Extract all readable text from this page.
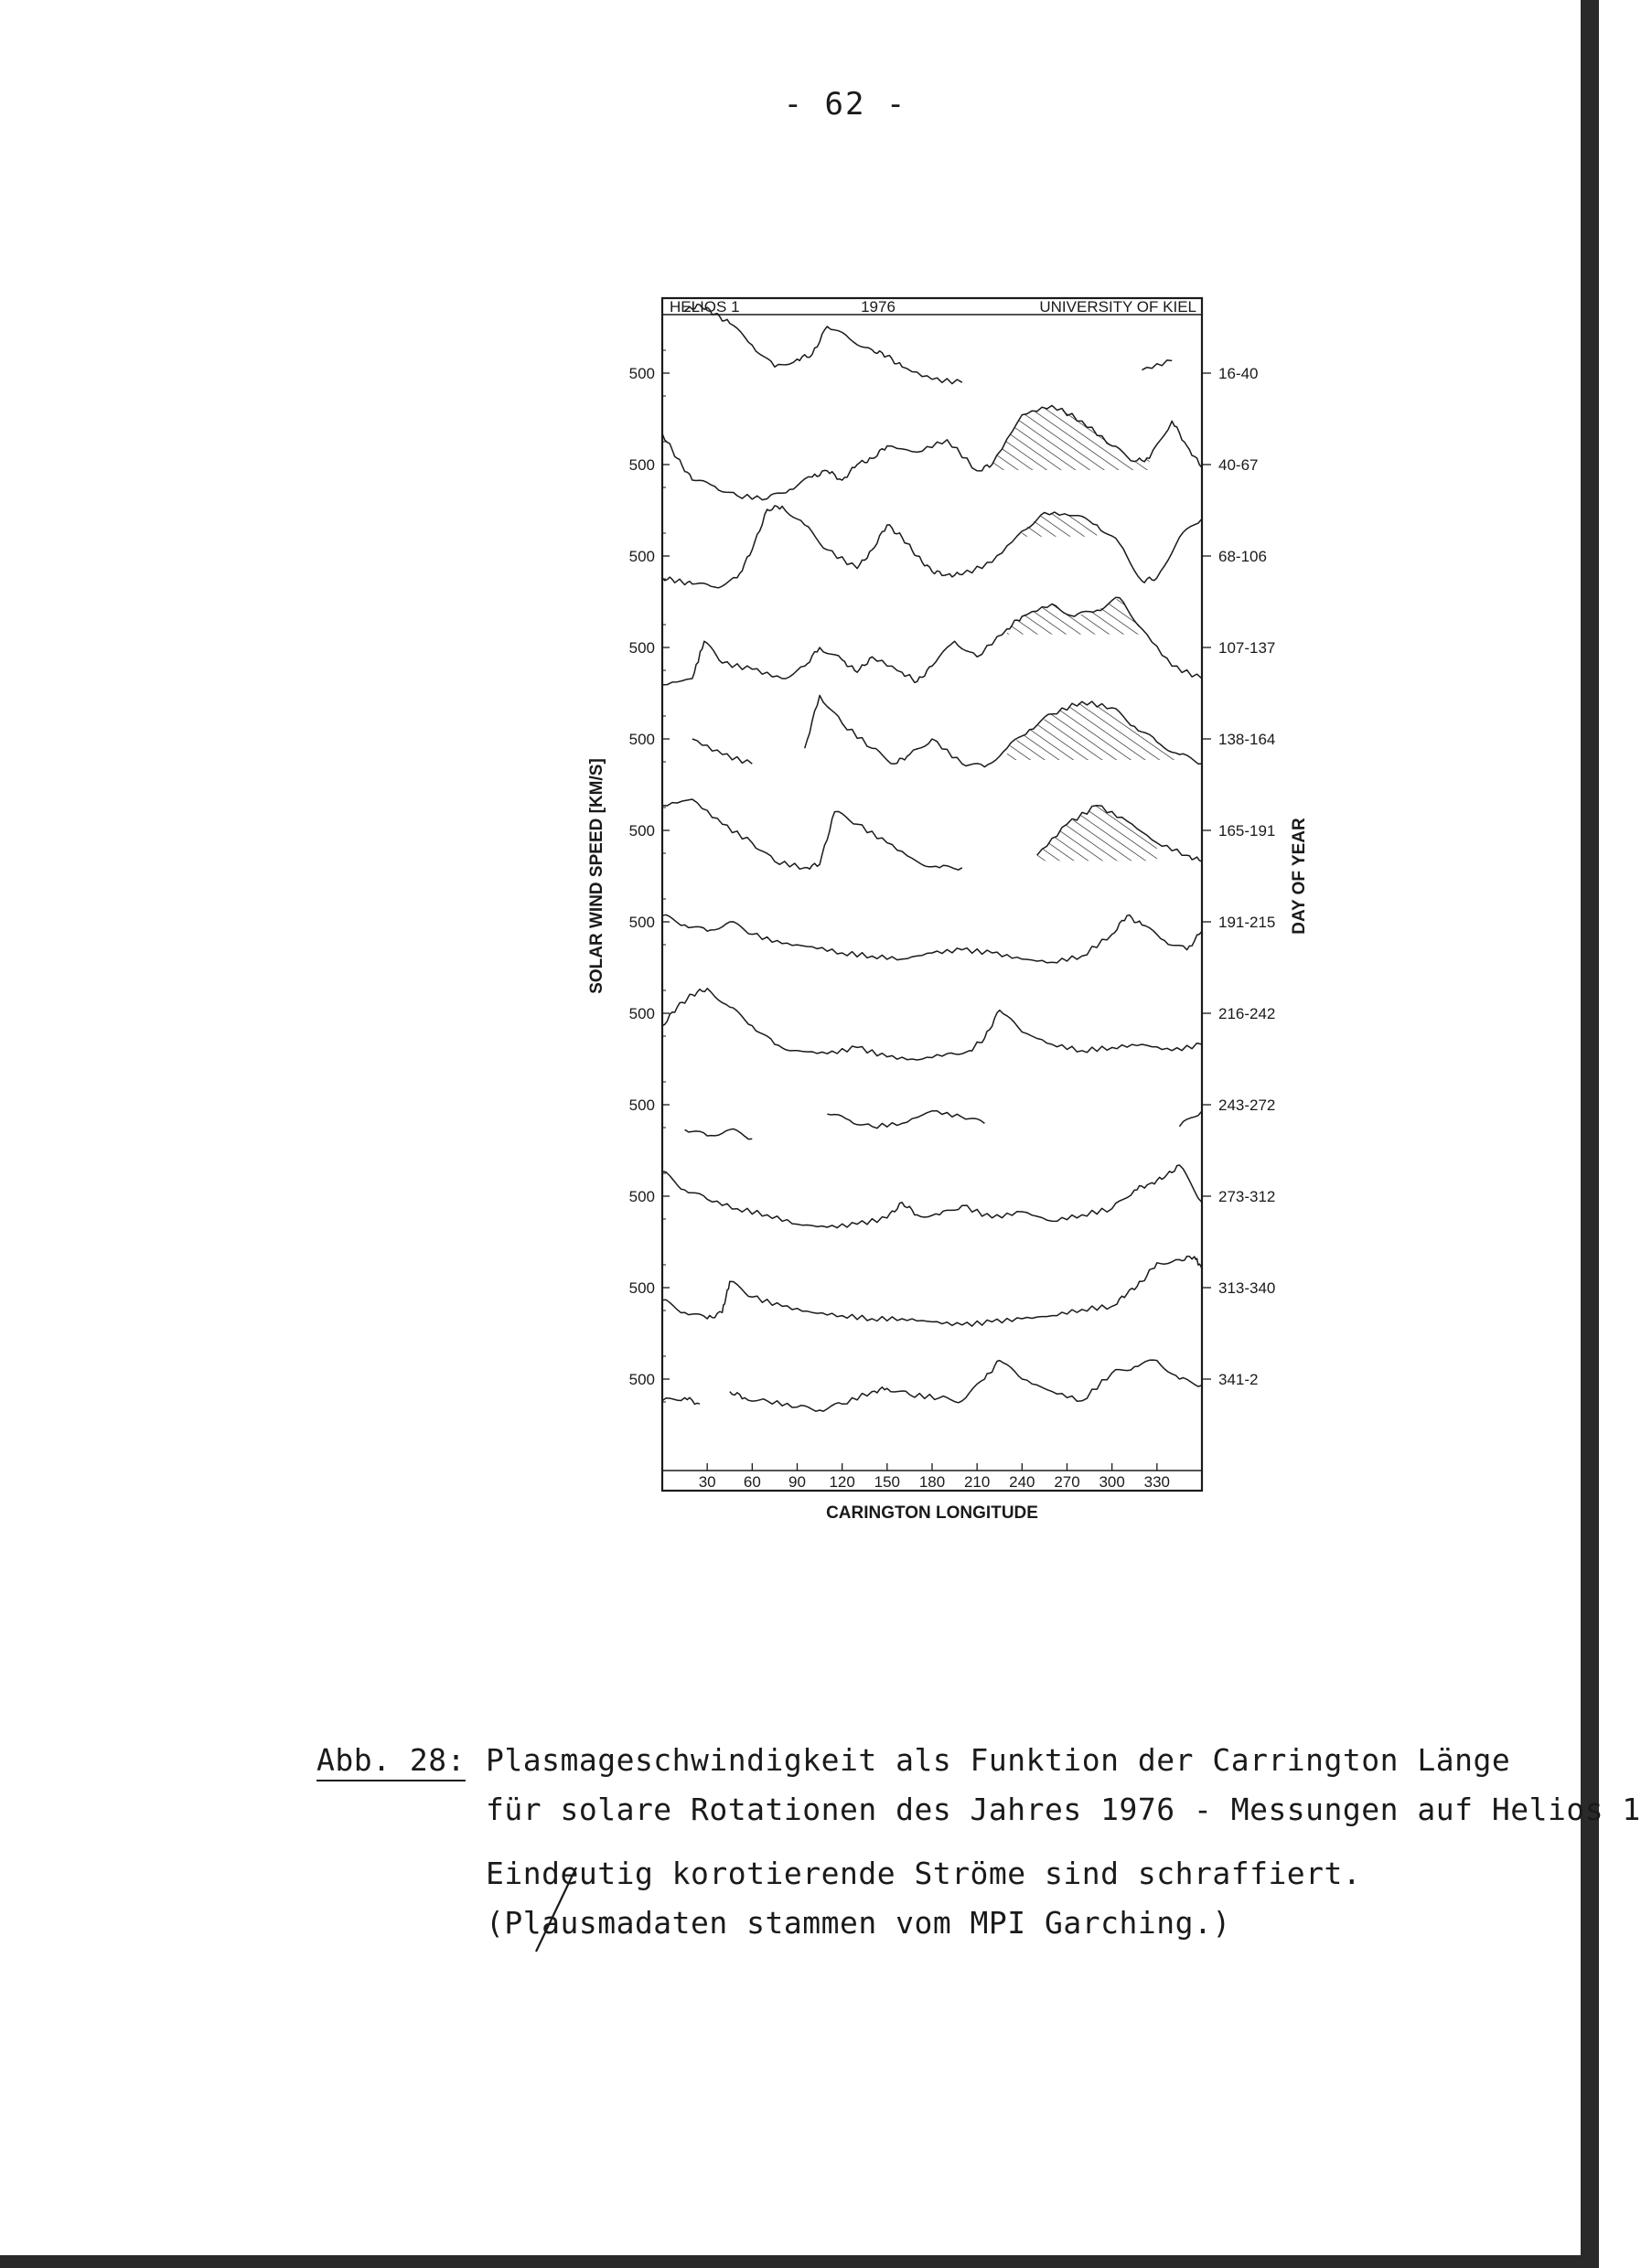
- 62 -
HELIOS 1	1976	UNIVERSITY OF KIEL
30 60 90 120 150 180 210 240 270 300 330
CARINGTON LONGITUDE
SOLAR WIND SPEED [KM/S]	DAY OF YEAR
500	16-40
500	40-67
500	68-106
500	107-137
500	138-164
500	165-191
500	191-215
500	216-242
500	243-272
500	273-312
500	313-340
500	341-2
Abb. 28: Plasmageschwindigkeit als Funktion der Carrington Länge
für solare Rotationen des Jahres 1976 - Messungen auf Helios 1
Eindeutig korotierende Ströme sind schraffiert.
(Plausmadaten stammen vom MPI Garching.)
